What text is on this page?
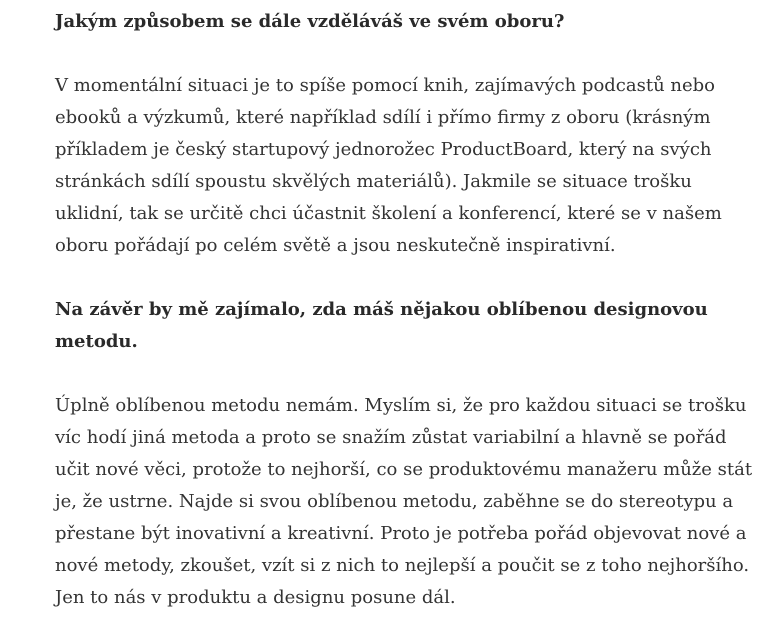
Jakým způsobem se dále vzděláváš ve svém oboru?

V momentální situaci je to spíše pomocí knih, zajímavých podcastů nebo ebooků a výzkumů, které například sdílí i přímo firmy z oboru (krásným příkladem je český startupový jednorožec ProductBoard, který na svých stránkách sdílí spoustu skvělých materiálů). Jakmile se situace trošku uklidní, tak se určitě chci účastnit školení a konferencí, které se v našem oboru pořádají po celém světě a jsou neskutečně inspirativní.

Na závěr by mě zajímalo, zda máš nějakou oblíbenou designovou metodu.

Úplně oblíbenou metodu nemám. Myslím si, že pro každou situaci se trošku víc hodí jiná metoda a proto se snažím zůstat variabilní a hlavně se pořád učit nové věci, protože to nejhorší, co se produktovému manažeru může stát je, že ustrne. Najde si svou oblíbenou metodu, zaběhne se do stereotypu a přestane být inovativní a kreativní. Proto je potřeba pořád objevovat nové a nové metody, zkoušet, vzít si z nich to nejlepší a poučit se z toho nejhoršího. Jen to nás v produktu a designu posune dál.
